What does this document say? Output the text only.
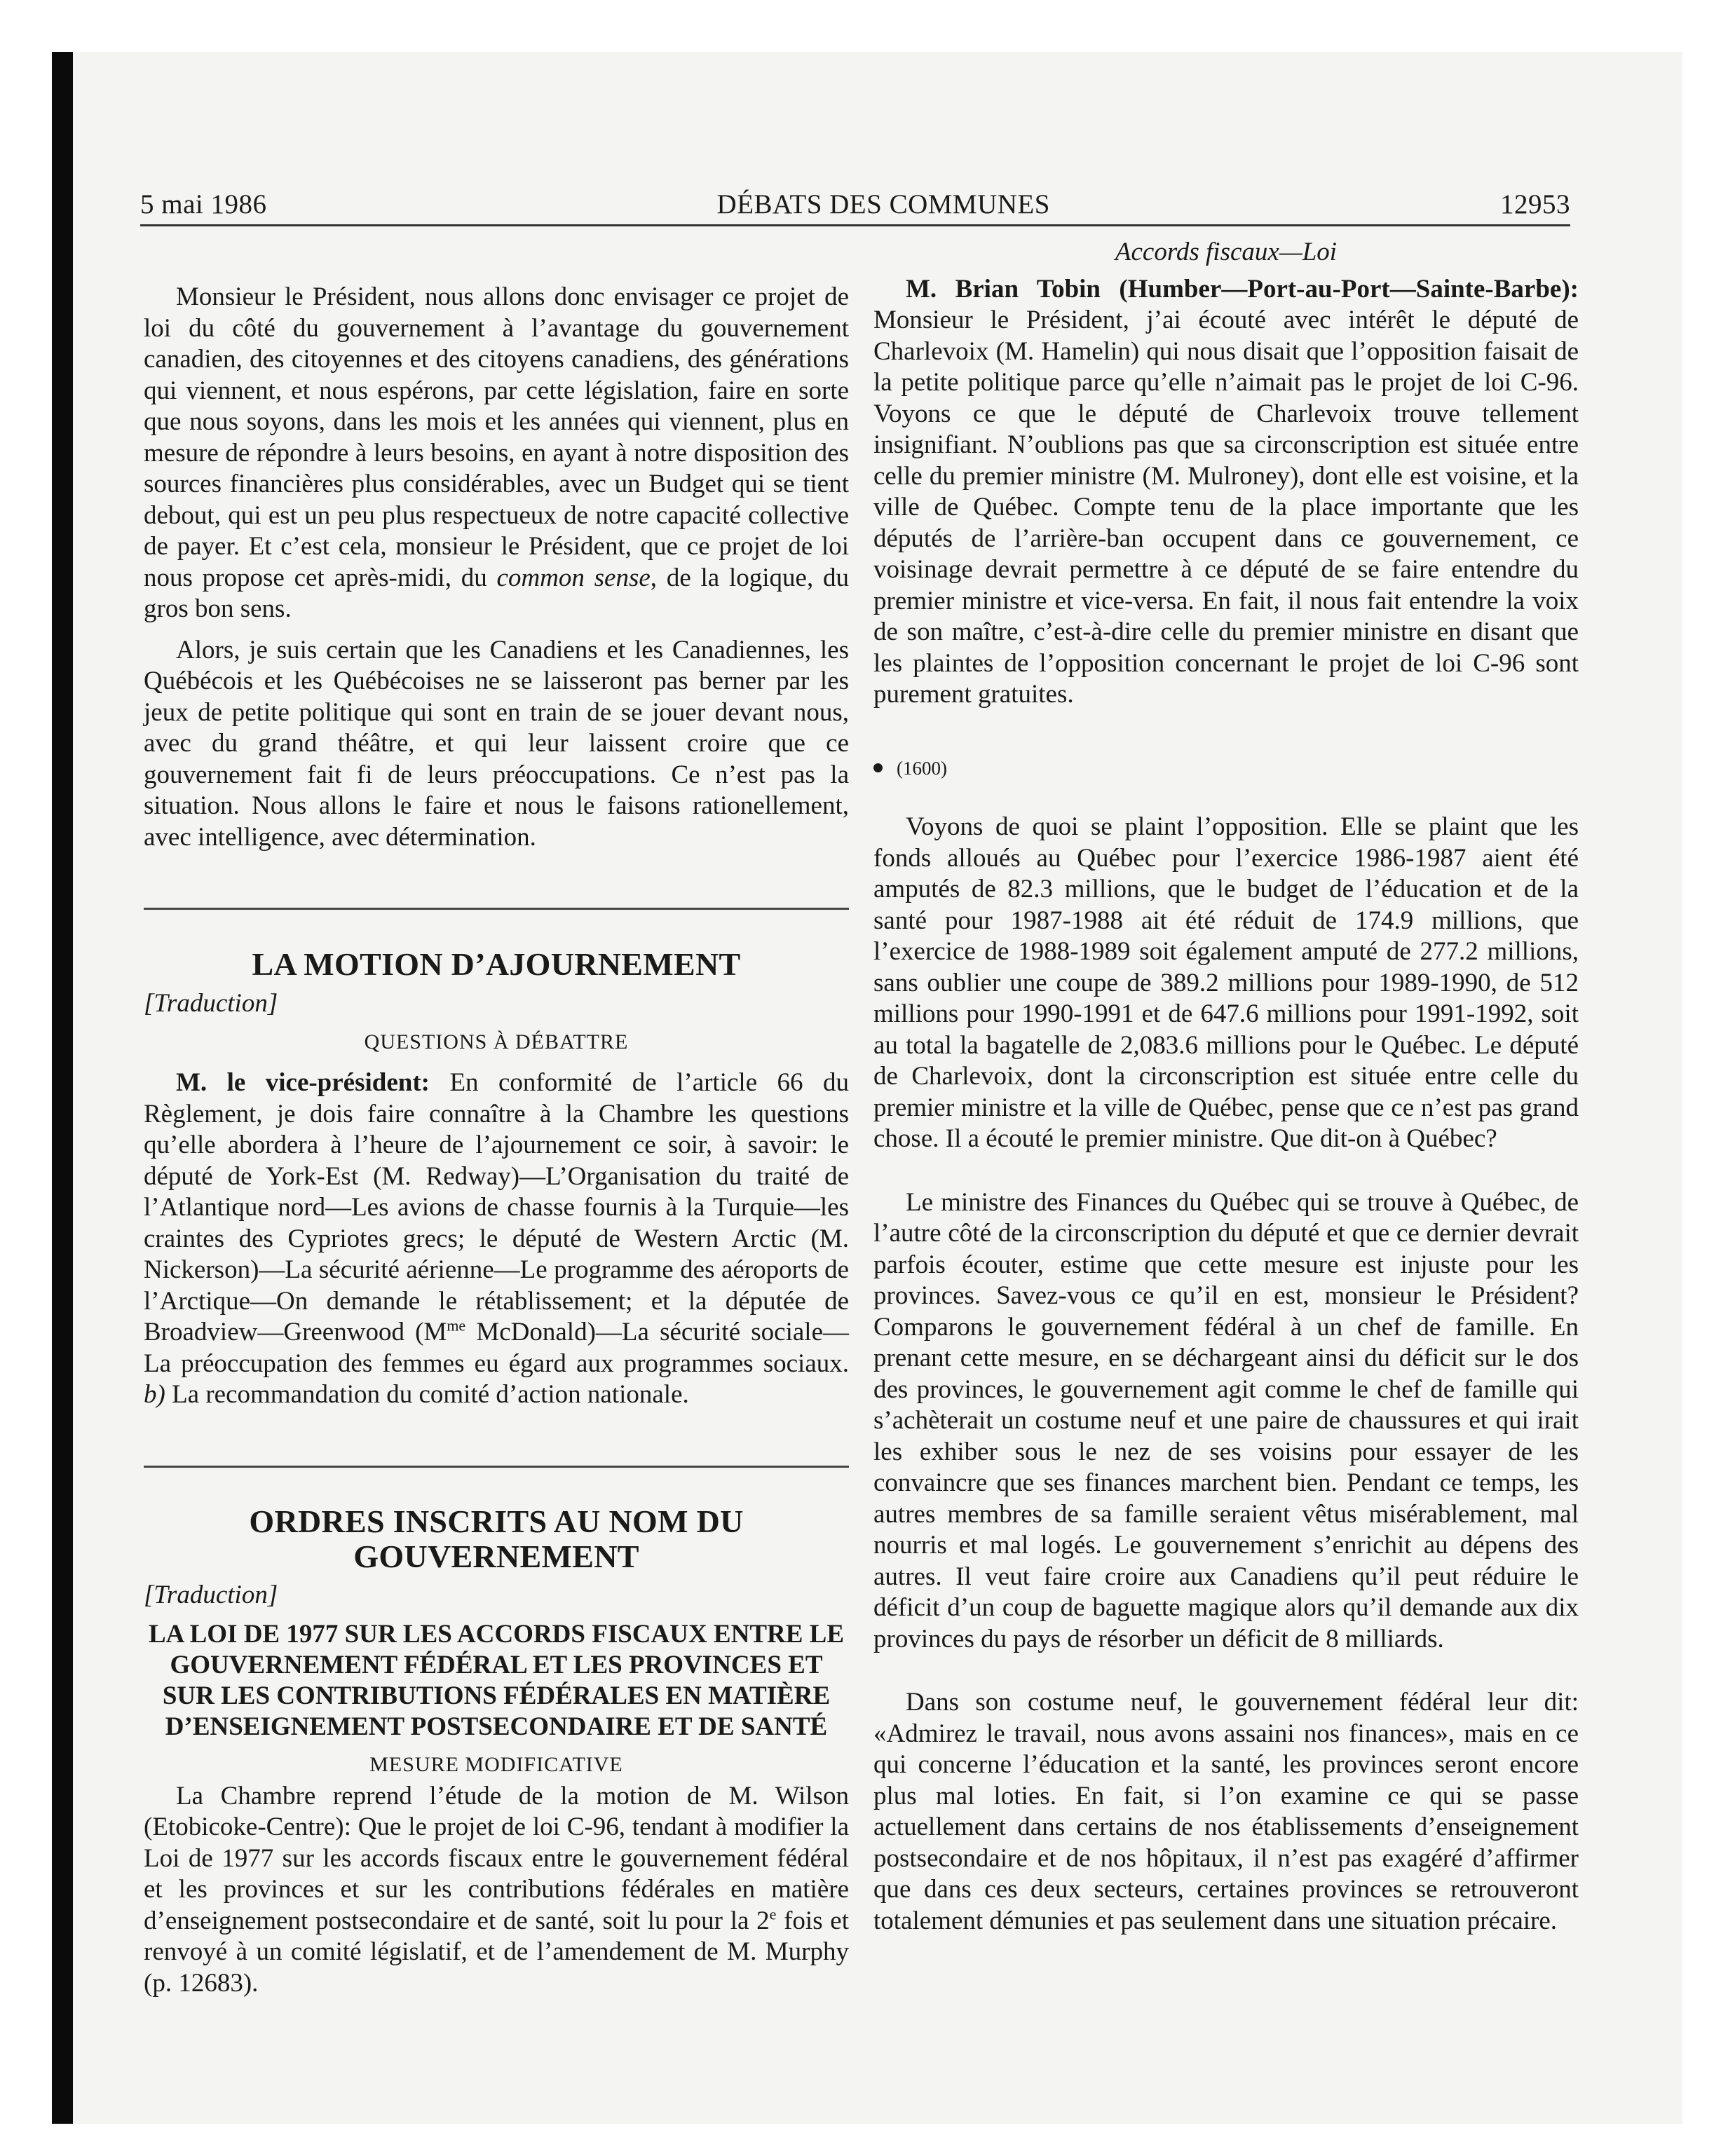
5 mai 1986	DÉBATS DES COMMUNES	12953

Monsieur le Président, nous allons donc envisager ce projet de loi du côté du gouvernement à l’avantage du gouvernement canadien, des citoyennes et des citoyens canadiens, des générations qui viennent, et nous espérons, par cette législation, faire en sorte que nous soyons, dans les mois et les années qui viennent, plus en mesure de répondre à leurs besoins, en ayant à notre disposition des sources financières plus considérables, avec un Budget qui se tient debout, qui est un peu plus respectueux de notre capacité collective de payer. Et c’est cela, monsieur le Président, que ce projet de loi nous propose cet après-midi, du common sense, de la logique, du gros bon sens.

Alors, je suis certain que les Canadiens et les Canadiennes, les Québécois et les Québécoises ne se laisseront pas berner par les jeux de petite politique qui sont en train de se jouer devant nous, avec du grand théâtre, et qui leur laissent croire que ce gouvernement fait fi de leurs préoccupations. Ce n’est pas la situation. Nous allons le faire et nous le faisons rationellement, avec intelligence, avec détermination.

LA MOTION D’AJOURNEMENT
[Traduction]
QUESTIONS À DÉBATTRE

M. le vice-président: En conformité de l’article 66 du Règlement, je dois faire connaître à la Chambre les questions qu’elle abordera à l’heure de l’ajournement ce soir, à savoir: le député de York-Est (M. Redway)—L’Organisation du traité de l’Atlantique nord—Les avions de chasse fournis à la Turquie—les craintes des Cypriotes grecs; le député de Western Arctic (M. Nickerson)—La sécurité aérienne—Le programme des aéroports de l’Arctique—On demande le rétablissement; et la députée de Broadview—Greenwood ($M^{me}$ McDonald)—La sécurité sociale—La préoccupation des femmes eu égard aux programmes sociaux. b) La recommandation du comité d’action nationale.

ORDRES INSCRITS AU NOM DU GOUVERNEMENT
[Traduction]
LA LOI DE 1977 SUR LES ACCORDS FISCAUX ENTRE LE GOUVERNEMENT FÉDÉRAL ET LES PROVINCES ET SUR LES CONTRIBUTIONS FÉDÉRALES EN MATIÈRE D’ENSEIGNEMENT POSTSECONDAIRE ET DE SANTÉ
MESURE MODIFICATIVE

La Chambre reprend l’étude de la motion de M. Wilson (Etobicoke-Centre): Que le projet de loi C-96, tendant à modifier la Loi de 1977 sur les accords fiscaux entre le gouvernement fédéral et les provinces et sur les contributions fédérales en matière d’enseignement postsecondaire et de santé, soit lu pour la 2e fois et renvoyé à un comité législatif, et de l’amendement de M. Murphy (p. 12683).

Accords fiscaux—Loi

M. Brian Tobin (Humber—Port-au-Port—Sainte-Barbe): Monsieur le Président, j’ai écouté avec intérêt le député de Charlevoix (M. Hamelin) qui nous disait que l’opposition faisait de la petite politique parce qu’elle n’aimait pas le projet de loi C-96. Voyons ce que le député de Charlevoix trouve tellement insignifiant. N’oublions pas que sa circonscription est située entre celle du premier ministre (M. Mulroney), dont elle est voisine, et la ville de Québec. Compte tenu de la place importante que les députés de l’arrière-ban occupent dans ce gouvernement, ce voisinage devrait permettre à ce député de se faire entendre du premier ministre et vice-versa. En fait, il nous fait entendre la voix de son maître, c’est-à-dire celle du premier ministre en disant que les plaintes de l’opposition concernant le projet de loi C-96 sont purement gratuites.

(1600)

Voyons de quoi se plaint l’opposition. Elle se plaint que les fonds alloués au Québec pour l’exercice 1986-1987 aient été amputés de 82.3 millions, que le budget de l’éducation et de la santé pour 1987-1988 ait été réduit de 174.9 millions, que l’exercice de 1988-1989 soit également amputé de 277.2 millions, sans oublier une coupe de 389.2 millions pour 1989-1990, de 512 millions pour 1990-1991 et de 647.6 millions pour 1991-1992, soit au total la bagatelle de 2,083.6 millions pour le Québec. Le député de Charlevoix, dont la circonscription est située entre celle du premier ministre et la ville de Québec, pense que ce n’est pas grand chose. Il a écouté le premier ministre. Que dit-on à Québec?

Le ministre des Finances du Québec qui se trouve à Québec, de l’autre côté de la circonscription du député et que ce dernier devrait parfois écouter, estime que cette mesure est injuste pour les provinces. Savez-vous ce qu’il en est, monsieur le Président? Comparons le gouvernement fédéral à un chef de famille. En prenant cette mesure, en se déchargeant ainsi du déficit sur le dos des provinces, le gouvernement agit comme le chef de famille qui s’achèterait un costume neuf et une paire de chaussures et qui irait les exhiber sous le nez de ses voisins pour essayer de les convaincre que ses finances marchent bien. Pendant ce temps, les autres membres de sa famille seraient vêtus misérablement, mal nourris et mal logés. Le gouvernement s’enrichit au dépens des autres. Il veut faire croire aux Canadiens qu’il peut réduire le déficit d’un coup de baguette magique alors qu’il demande aux dix provinces du pays de résorber un déficit de 8 milliards.

Dans son costume neuf, le gouvernement fédéral leur dit: «Admirez le travail, nous avons assaini nos finances», mais en ce qui concerne l’éducation et la santé, les provinces seront encore plus mal loties. En fait, si l’on examine ce qui se passe actuellement dans certains de nos établissements d’enseignement postsecondaire et de nos hôpitaux, il n’est pas exagéré d’affirmer que dans ces deux secteurs, certaines provinces se retrouveront totalement démunies et pas seulement dans une situation précaire.
